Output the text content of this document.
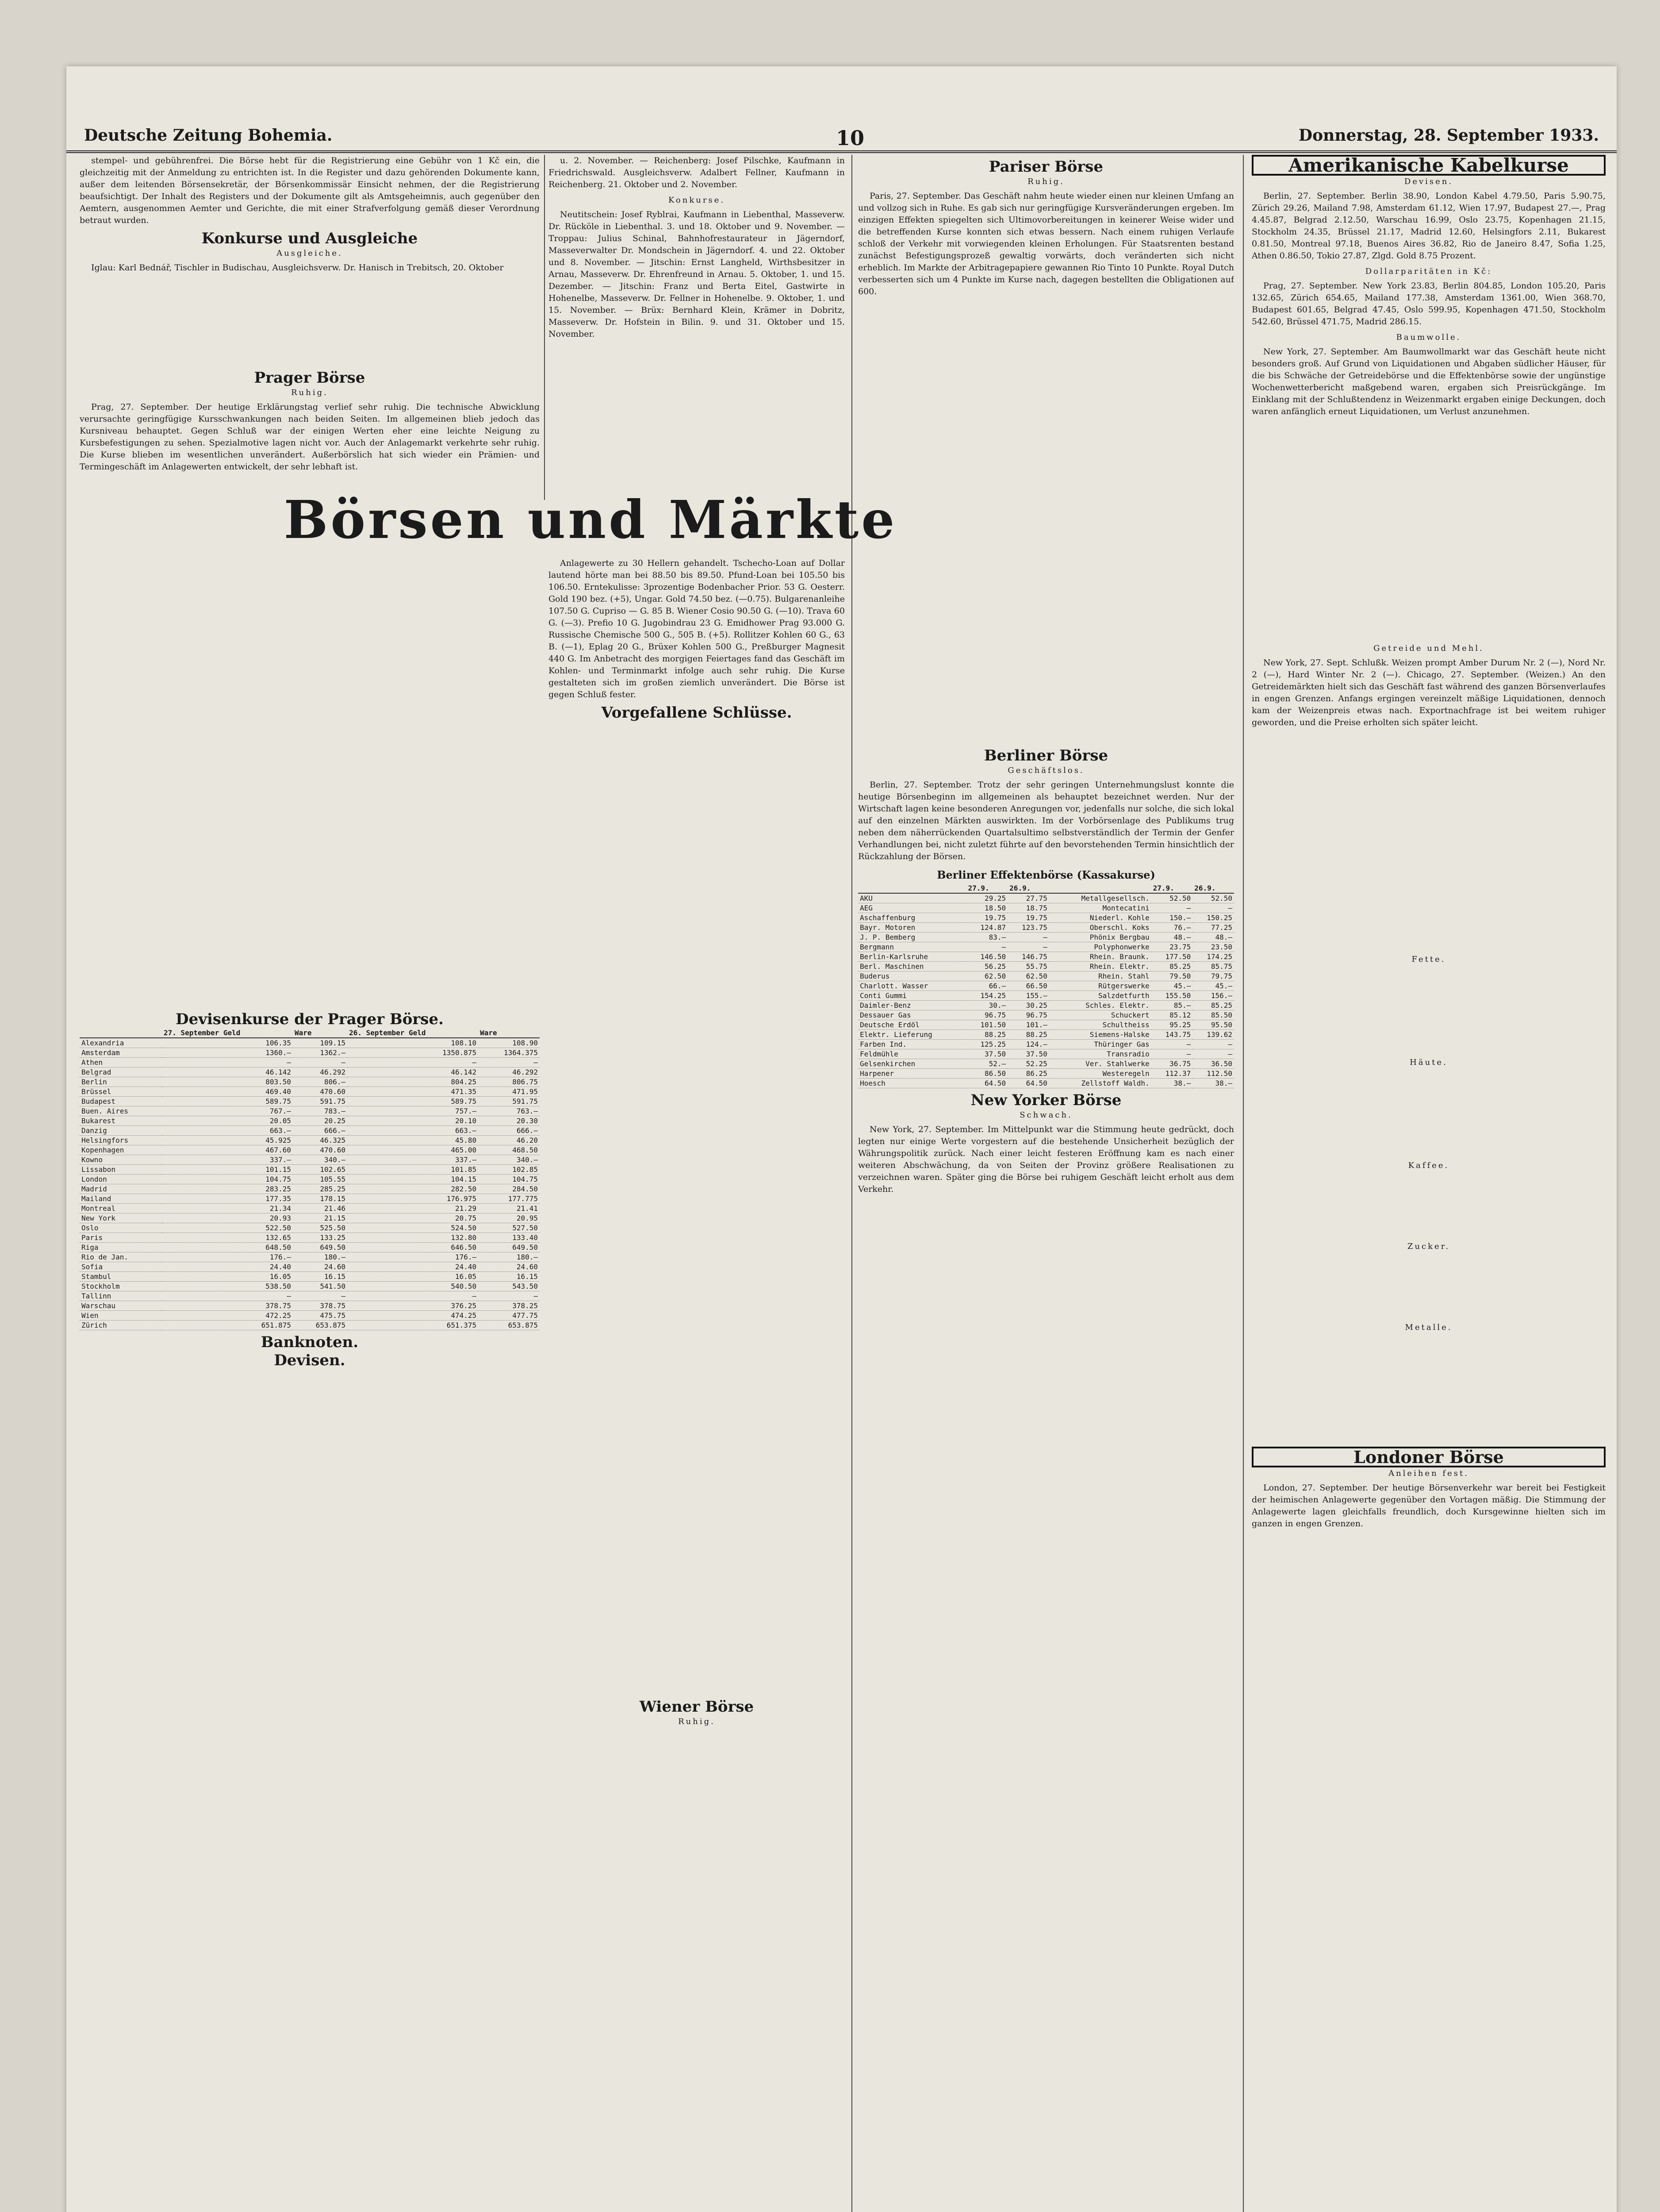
Deutsche Zeitung Bohemia.	10	Donnerstag, 28. September 1933.

stempel- und gebührenfrei. Die Börse hebt für die Registrierung eine Gebühr von 1 Kč ein, die gleichzeitig mit der Anmeldung zu entrichten ist. In die Register und dazu gehörenden Dokumente kann, außer dem leitenden Börsensekretär, der Börsenkommissär Einsicht nehmen, der die Registrierung beaufsichtigt. Der Inhalt des Registers und der Dokumente gilt als Amtsgeheimnis, auch gegenüber den Aemtern, ausgenommen Aemter und Gerichte, die mit einer Strafverfolgung gemäß dieser Verordnung betraut wurden.

Konkurse und Ausgleiche
Ausgleiche.

Iglau: Karl Bednář, Tischler in Budischau, Ausgleichsverw. Dr. Hanisch in Trebitsch, 20. Oktober

Prager Börse
Ruhig.

Prag, 27. September. Der heutige Erklärungstag verlief sehr ruhig. Die technische Abwicklung verursachte geringfügige Kursschwankungen nach beiden Seiten. Im allgemeinen blieb jedoch das Kursniveau behauptet. Gegen Schluß war der einigen Werten eher eine leichte Neigung zu Kursbefestigungen zu sehen. Spezialmotive lagen nicht vor. Auch der Anlagemarkt verkehrte sehr ruhig. Die Kurse blieben im wesentlichen unverändert. Außerbörslich hat sich wieder ein Prämien- und Termingeschäft im Anlagewerten entwickelt, der sehr lebhaft ist.

Devisenkurse der Prager Börse.
	27. September Geld	Ware	26. September Geld	Ware
Alexandria	106.35	109.15	108.10	108.90
Amsterdam	1360.—	1362.—	1350.875	1364.375
Athen	—	—	—	—
Belgrad	46.142	46.292	46.142	46.292
Berlin	803.50	806.—	804.25	806.75
Brüssel	469.40	470.60	471.35	471.95
Budapest	589.75	591.75	589.75	591.75
Buen. Aires	767.—	783.—	757.—	763.—
Bukarest	20.05	20.25	20.10	20.30
Danzig	663.—	666.—	663.—	666.—
Helsingfors	45.925	46.325	45.80	46.20
Kopenhagen	467.60	470.60	465.00	468.50
Kowno	337.—	340.—	337.—	340.—
Lissabon	101.15	102.65	101.85	102.85
London	104.75	105.55	104.15	104.75
Madrid	283.25	285.25	282.50	284.50
Mailand	177.35	178.15	176.975	177.775
Montreal	21.34	21.46	21.29	21.41
New York	20.93	21.15	20.75	20.95
Oslo	522.50	525.50	524.50	527.50
Paris	132.65	133.25	132.80	133.40
Riga	648.50	649.50	646.50	649.50
Rio de Jan.	176.—	180.—	176.—	180.—
Sofia	24.40	24.60	24.40	24.60
Stambul	16.05	16.15	16.05	16.15
Stockholm	538.50	541.50	540.50	543.50
Tallinn	—	—	—	—
Warschau	378.75	378.75	376.25	378.25
Wien	472.25	475.75	474.25	477.75
Zürich	651.875	653.875	651.375	653.875
Banknoten.
Devisen.
Börsen und Märkte

u. 2. November. — Reichenberg: Josef Pilschke, Kaufmann in Friedrichswald. Ausgleichsverw. Adalbert Fellner, Kaufmann in Reichenberg. 21. Oktober und 2. November.

Konkurse.

Neutitschein: Josef Ryblrai, Kaufmann in Liebenthal, Masseverw. Dr. Rücköle in Liebenthal. 3. und 18. Oktober und 9. November. — Troppau: Julius Schinal, Bahnhofrestaurateur in Jägerndorf, Masseverwalter Dr. Mondschein in Jägerndorf. 4. und 22. Oktober und 8. November. — Jitschin: Ernst Langheld, Wirthsbesitzer in Arnau, Masseverw. Dr. Ehrenfreund in Arnau. 5. Oktober, 1. und 15. Dezember. — Jitschin: Franz und Berta Eitel, Gastwirte in Hohenelbe, Masseverw. Dr. Fellner in Hohenelbe. 9. Oktober, 1. und 15. November. — Brüx: Bernhard Klein, Krämer in Dobritz, Masseverw. Dr. Hofstein in Bilin. 9. und 31. Oktober und 15. November.

Anlagewerte zu 30 Hellern gehandelt. Tschecho-Loan auf Dollar lautend hörte man bei 88.50 bis 89.50. Pfund-Loan bei 105.50 bis 106.50. Erntekulisse: 3prozentige Bodenbacher Prior. 53 G. Oesterr. Gold 190 bez. (+5), Ungar. Gold 74.50 bez. (—0.75). Bulgarenanleihe 107.50 G. Cupriso — G. 85 B. Wiener Cosio 90.50 G. (—10). Trava 60 G. (—3). Prefio 10 G. Jugobindrau 23 G. Emidhower Prag 93.000 G. Russische Chemische 500 G., 505 B. (+5). Rollitzer Kohlen 60 G., 63 B. (—1), Eplag 20 G., Brüxer Kohlen 500 G., Preßburger Magnesit 440 G. Im Anbetracht des morgigen Feiertages fand das Geschäft im Kohlen- und Terminmarkt infolge auch sehr ruhig. Die Kurse gestalteten sich im großen ziemlich unverändert. Die Börse ist gegen Schluß fester.

Vorgefallene Schlüsse.
Wiener Börse
Ruhig.
Pariser Börse
Ruhig.

Paris, 27. September. Das Geschäft nahm heute wieder einen nur kleinen Umfang an und vollzog sich in Ruhe. Es gab sich nur geringfügige Kursveränderungen ergeben. Im einzigen Effekten spiegelten sich Ultimovorbereitungen in keinerer Weise wider und die betreffenden Kurse konnten sich etwas bessern. Nach einem ruhigen Verlaufe schloß der Verkehr mit vorwiegenden kleinen Erholungen. Für Staatsrenten bestand zunächst Befestigungsprozeß gewaltig vorwärts, doch veränderten sich nicht erheblich. Im Markte der Arbitragepapiere gewannen Rio Tinto 10 Punkte. Royal Dutch verbesserten sich um 4 Punkte im Kurse nach, dagegen bestellten die Obligationen auf 600.

Berliner Börse
Geschäftslos.

Berlin, 27. September. Trotz der sehr geringen Unternehmungslust konnte die heutige Börsenbeginn im allgemeinen als behauptet bezeichnet werden. Nur der Wirtschaft lagen keine besonderen Anregungen vor, jedenfalls nur solche, die sich lokal auf den einzelnen Märkten auswirkten. Im der Vorbörsenlage des Publikums trug neben dem näherrückenden Quartalsultimo selbstverständlich der Termin der Genfer Verhandlungen bei, nicht zuletzt führte auf den bevorstehenden Termin hinsichtlich der Rückzahlung der Börsen.

Berliner Effektenbörse (Kassakurse)
	27.9.	26.9.		27.9.	26.9.
AKU	29.25	27.75	Metallgesellsch.	52.50	52.50
AEG	18.50	18.75	Montecatini	—	—
Aschaffenburg	19.75	19.75	Niederl. Kohle	150.—	150.25
Bayr. Motoren	124.87	123.75	Oberschl. Koks	76.—	77.25
J. P. Bemberg	83.—	—	Phönix Bergbau	48.—	48.—
Bergmann	—	—	Polyphonwerke	23.75	23.50
Berlin-Karlsruhe	146.50	146.75	Rhein. Braunk.	177.50	174.25
Berl. Maschinen	56.25	55.75	Rhein. Elektr.	85.25	85.75
Buderus	62.50	62.50	Rhein. Stahl	79.50	79.75
Charlott. Wasser	66.—	66.50	Rütgerswerke	45.—	45.—
Conti Gummi	154.25	155.—	Salzdetfurth	155.50	156.—
Daimler-Benz	30.—	30.25	Schles. Elektr.	85.—	85.25
Dessauer Gas	96.75	96.75	Schuckert	85.12	85.50
Deutsche Erdöl	101.50	101.—	Schultheiss	95.25	95.50
Elektr. Lieferung	88.25	88.25	Siemens-Halske	143.75	139.62
Farben Ind.	125.25	124.—	Thüringer Gas	—	—
Feldmühle	37.50	37.50	Transradio	—	—
Gelsenkirchen	52.—	52.25	Ver. Stahlwerke	36.75	36.50
Harpener	86.50	86.25	Westeregeln	112.37	112.50
Hoesch	64.50	64.50	Zellstoff Waldh.	38.—	38.—
New Yorker Börse
Schwach.

New York, 27. September. Im Mittelpunkt war die Stimmung heute gedrückt, doch legten nur einige Werte vorgestern auf die bestehende Unsicherheit bezüglich der Währungspolitik zurück. Nach einer leicht festeren Eröffnung kam es nach einer weiteren Abschwächung, da von Seiten der Provinz größere Realisationen zu verzeichnen waren. Später ging die Börse bei ruhigem Geschäft leicht erholt aus dem Verkehr.

Amerikanische Kabelkurse
Devisen.

Berlin, 27. September. Berlin 38.90, London Kabel 4.79.50, Paris 5.90.75, Zürich 29.26, Mailand 7.98, Amsterdam 61.12, Wien 17.97, Budapest 27.—, Prag 4.45.87, Belgrad 2.12.50, Warschau 16.99, Oslo 23.75, Kopenhagen 21.15, Stockholm 24.35, Brüssel 21.17, Madrid 12.60, Helsingfors 2.11, Bukarest 0.81.50, Montreal 97.18, Buenos Aires 36.82, Rio de Janeiro 8.47, Sofia 1.25, Athen 0.86.50, Tokio 27.87, Zlgd. Gold 8.75 Prozent.

Dollarparitäten in Kč:

Prag, 27. September. New York 23.83, Berlin 804.85, London 105.20, Paris 132.65, Zürich 654.65, Mailand 177.38, Amsterdam 1361.00, Wien 368.70, Budapest 601.65, Belgrad 47.45, Oslo 599.95, Kopenhagen 471.50, Stockholm 542.60, Brüssel 471.75, Madrid 286.15.

Baumwolle.

New York, 27. September. Am Baumwollmarkt war das Geschäft heute nicht besonders groß. Auf Grund von Liquidationen und Abgaben südlicher Häuser, für die bis Schwäche der Getreidebörse und die Effektenbörse sowie der ungünstige Wochenwetterbericht maßgebend waren, ergaben sich Preisrückgänge. Im Einklang mit der Schlußtendenz in Weizenmarkt ergaben einige Deckungen, doch waren anfänglich erneut Liquidationen, um Verlust anzunehmen.

Getreide und Mehl.

New York, 27. Sept. Schlußk. Weizen prompt Amber Durum Nr. 2 (—), Nord Nr. 2 (—), Hard Winter Nr. 2 (—). Chicago, 27. September. (Weizen.) An den Getreidemärkten hielt sich das Geschäft fast während des ganzen Börsenverlaufes in engen Grenzen. Anfangs ergingen vereinzelt mäßige Liquidationen, dennoch kam der Weizenpreis etwas nach. Exportnachfrage ist bei weitem ruhiger geworden, und die Preise erholten sich später leicht.

Fette.
Häute.
Kaffee.
Zucker.
Metalle.
Londoner Börse
Anleihen fest.

London, 27. September. Der heutige Börsenverkehr war bereit bei Festigkeit der heimischen Anlagewerte gegenüber den Vortagen mäßig. Die Stimmung der Anlagewerte lagen gleichfalls freundlich, doch Kursgewinne hielten sich im ganzen in engen Grenzen.
